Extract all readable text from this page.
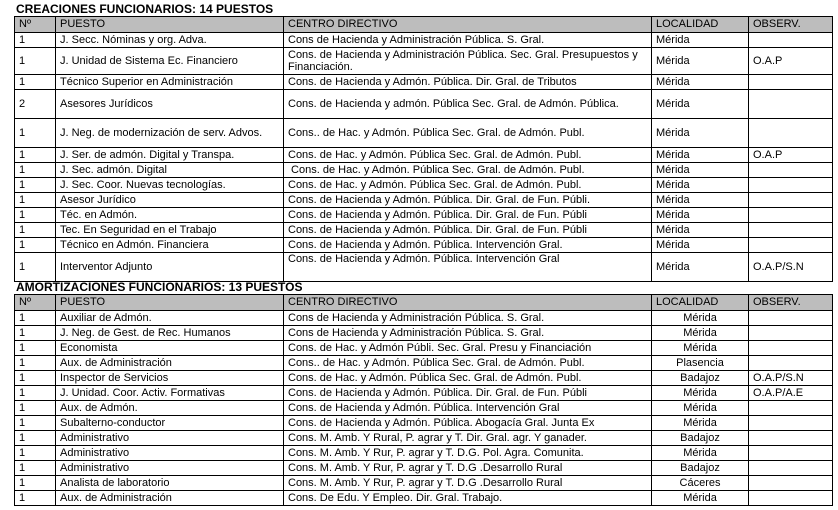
CREACIONES FUNCIONARIOS: 14 PUESTOS
Nº	PUESTO	CENTRO DIRECTIVO	LOCALIDAD	OBSERV.
1	J. Secc. Nóminas y org. Adva.	Cons de Hacienda y Administración Pública. S. Gral.	Mérida	
1	J. Unidad de Sistema Ec. Financiero	Cons. de Hacienda y Administración Pública. Sec. Gral. Presupuestos y Financiación.	Mérida	O.A.P
1	Técnico Superior en Administración	Cons. de Hacienda y Admón. Pública. Dir. Gral. de Tributos	Mérida	
2	Asesores Jurídicos	Cons. de Hacienda y admón. Pública Sec. Gral. de Admón. Pública.	Mérida	
1	J. Neg. de modernización de serv. Advos.	Cons.. de Hac. y Admón. Pública Sec. Gral. de Admón. Publ.	Mérida	
1	J. Ser. de admón. Digital y Transpa.	Cons. de Hac. y Admón. Pública Sec. Gral. de Admón. Publ.	Mérida	O.A.P
1	J. Sec. admón. Digital	Cons. de Hac. y Admón. Pública Sec. Gral. de Admón. Publ.	Mérida	
1	J. Sec. Coor. Nuevas tecnologías.	Cons. de Hac. y Admón. Pública Sec. Gral. de Admón. Publ.	Mérida	
1	Asesor Jurídico	Cons. de Hacienda y Admón. Pública. Dir. Gral. de Fun. Públi.	Mérida	
1	Téc. en Admón.	Cons. de Hacienda y Admón. Pública. Dir. Gral. de Fun. Públi	Mérida	
1	Tec. En Seguridad en el Trabajo	Cons. de Hacienda y Admón. Pública. Dir. Gral. de Fun. Públi	Mérida	
1	Técnico en Admón. Financiera	Cons. de Hacienda y Admón. Pública. Intervención Gral.	Mérida	
1	Interventor Adjunto	Cons. de Hacienda y Admón. Pública. Intervención Gral	Mérida	O.A.P/S.N
AMORTIZACIONES FUNCIONARIOS: 13 PUESTOS
Nº	PUESTO	CENTRO DIRECTIVO	LOCALIDAD	OBSERV.
1	Auxiliar de Admón.	Cons de Hacienda y Administración Pública. S. Gral.	Mérida	
1	J. Neg. de Gest. de Rec. Humanos	Cons de Hacienda y Administración Pública. S. Gral.	Mérida	
1	Economista	Cons. de Hac. y Admón Públi. Sec. Gral. Presu y Financiación	Mérida	
1	Aux. de Administración	Cons.. de Hac. y Admón. Pública Sec. Gral. de Admón. Publ.	Plasencia	
1	Inspector de Servicios	Cons. de Hac. y Admón. Pública Sec. Gral. de Admón. Publ.	Badajoz	O.A.P/S.N
1	J. Unidad. Coor. Activ. Formativas	Cons. de Hacienda y Admón. Pública. Dir. Gral. de Fun. Públi	Mérida	O.A.P/A.E
1	Aux. de Admón.	Cons. de Hacienda y Admón. Pública. Intervención Gral	Mérida	
1	Subalterno-conductor	Cons. de Hacienda y Admón. Pública. Abogacía Gral. Junta Ex	Mérida	
1	Administrativo	Cons. M. Amb. Y Rural, P. agrar y T. Dir. Gral. agr. Y ganader.	Badajoz	
1	Administrativo	Cons. M. Amb. Y Rur, P. agrar y T. D.G. Pol. Agra. Comunita.	Mérida	
1	Administrativo	Cons. M. Amb. Y Rur, P. agrar y T. D.G .Desarrollo Rural	Badajoz	
1	Analista de laboratorio	Cons. M. Amb. Y Rur, P. agrar y T. D.G .Desarrollo Rural	Cáceres	
1	Aux. de Administración	Cons. De Edu. Y Empleo. Dir. Gral. Trabajo.	Mérida	
